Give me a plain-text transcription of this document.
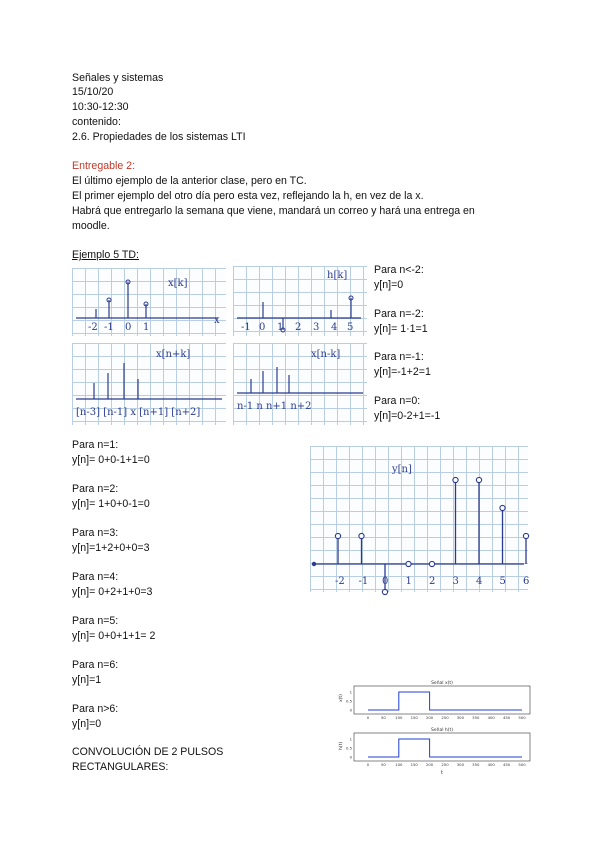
Señales y sistemas
15/10/20
10:30-12:30
contenido:
2.6. Propiedades de los sistemas LTI
Entregable 2:
El último ejemplo de la anterior clase, pero en TC.
El primer ejemplo del otro día pero esta vez, reflejando la h, en vez de la x.
Habrá que entregarlo la semana que viene, mandará un correo y hará una entrega en
moodle.
Ejemplo 5 TD:
x[k]
x
-2 -1 0 1
h[k]
-1 0 1 2 3 4 5
x[n+k]
[n-3] [n-1] x [n+1] [n+2]
x[n-k]
n-1 n n+1 n+2
Para n<-2:
y[n]=0
Para n=-2:
y[n]= 1·1=1
Para n=-1:
y[n]=-1+2=1
Para n=0:
y[n]=0-2+1=-1
Para n=1:
y[n]= 0+0-1+1=0
Para n=2:
y[n]= 1+0+0-1=0
Para n=3:
y[n]=1+2+0+0=3
Para n=4:
y[n]= 0+2+1+0=3
Para n=5:
y[n]= 0+0+1+1= 2
Para n=6:
y[n]=1
Para n>6:
y[n]=0
y[n]
-2 -1 0 1 2 3 4 5 6
CONVOLUCIÓN DE 2 PULSOS
RECTANGULARES:
Señal x(t)
x(t)
0
0.5
1
0	50 100 150 200 250 300 350 400 450 500
Señal h(t)
h(t)
0
0.5
1
0	50 100 150 200 250 300 350 400 450 500
t
